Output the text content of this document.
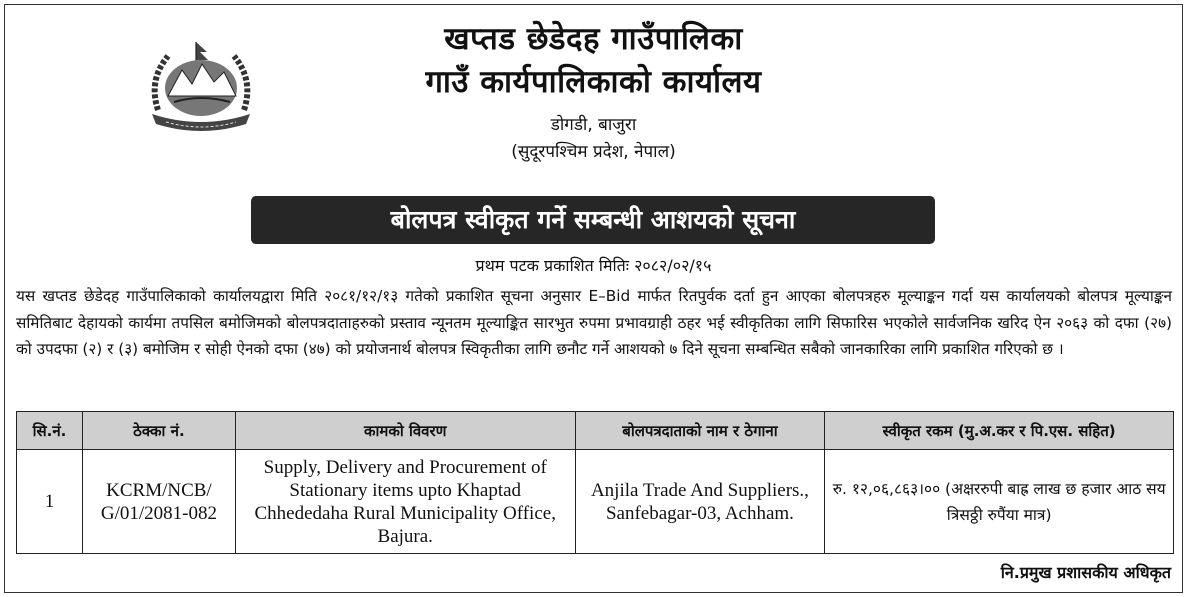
खप्तड छेडेदह गाउँपालिका
गाउँ कार्यपालिकाको कार्यालय
डोगडी, बाजुरा
(सुदूरपश्चिम प्रदेश, नेपाल)
बोलपत्र स्वीकृत गर्ने सम्बन्धी आशयको सूचना
प्रथम पटक प्रकाशित मितिः २०८२/०२/१५

यस खप्तड छेडेदह गाउँपालिकाको कार्यालयद्वारा मिति २०८१/१२/१३ गतेको प्रकाशित सूचना अनुसार E–Bid मार्फत रितपुर्वक दर्ता हुन आएका बोलपत्रहरु मूल्याङ्कन गर्दा यस कार्यालयको बोलपत्र मूल्याङ्कन समितिबाट देहायको कार्यमा तपसिल बमोजिमको बोलपत्रदाताहरुको प्रस्ताव न्यूनतम मूल्याङ्कित सारभुत रुपमा प्रभावग्राही ठहर भई स्वीकृतिका लागि सिफारिस भएकोले सार्वजनिक खरिद ऐन २०६३ को दफा (२७) को उपदफा (२) र (३) बमोजिम र सोही ऐनको दफा (४७) को प्रयोजनार्थ बोलपत्र स्विकृतीका लागि छनौट गर्ने आशयको ७ दिने सूचना सम्बन्धित सबैको जानकारिका लागि प्रकाशित गरिएको छ ।

सि.नं.	ठेक्का नं.	कामको विवरण	बोलपत्रदाताको नाम र ठेगाना	स्वीकृत रकम (मु.अ.कर र पि.एस. सहित)
1	KCRM/NCB/ G/01/2081-082	Supply, Delivery and Procurement of Stationary items upto Khaptad Chhededaha Rural Municipality Office, Bajura.	Anjila Trade And Suppliers., Sanfebagar-03, Achham.	रु. १२,०६,८६३।०० (अक्षररुपी बाह्र लाख छ हजार आठ सय त्रिसठ्ठी रुपैंया मात्र)
नि.प्रमुख प्रशासकीय अधिकृत
